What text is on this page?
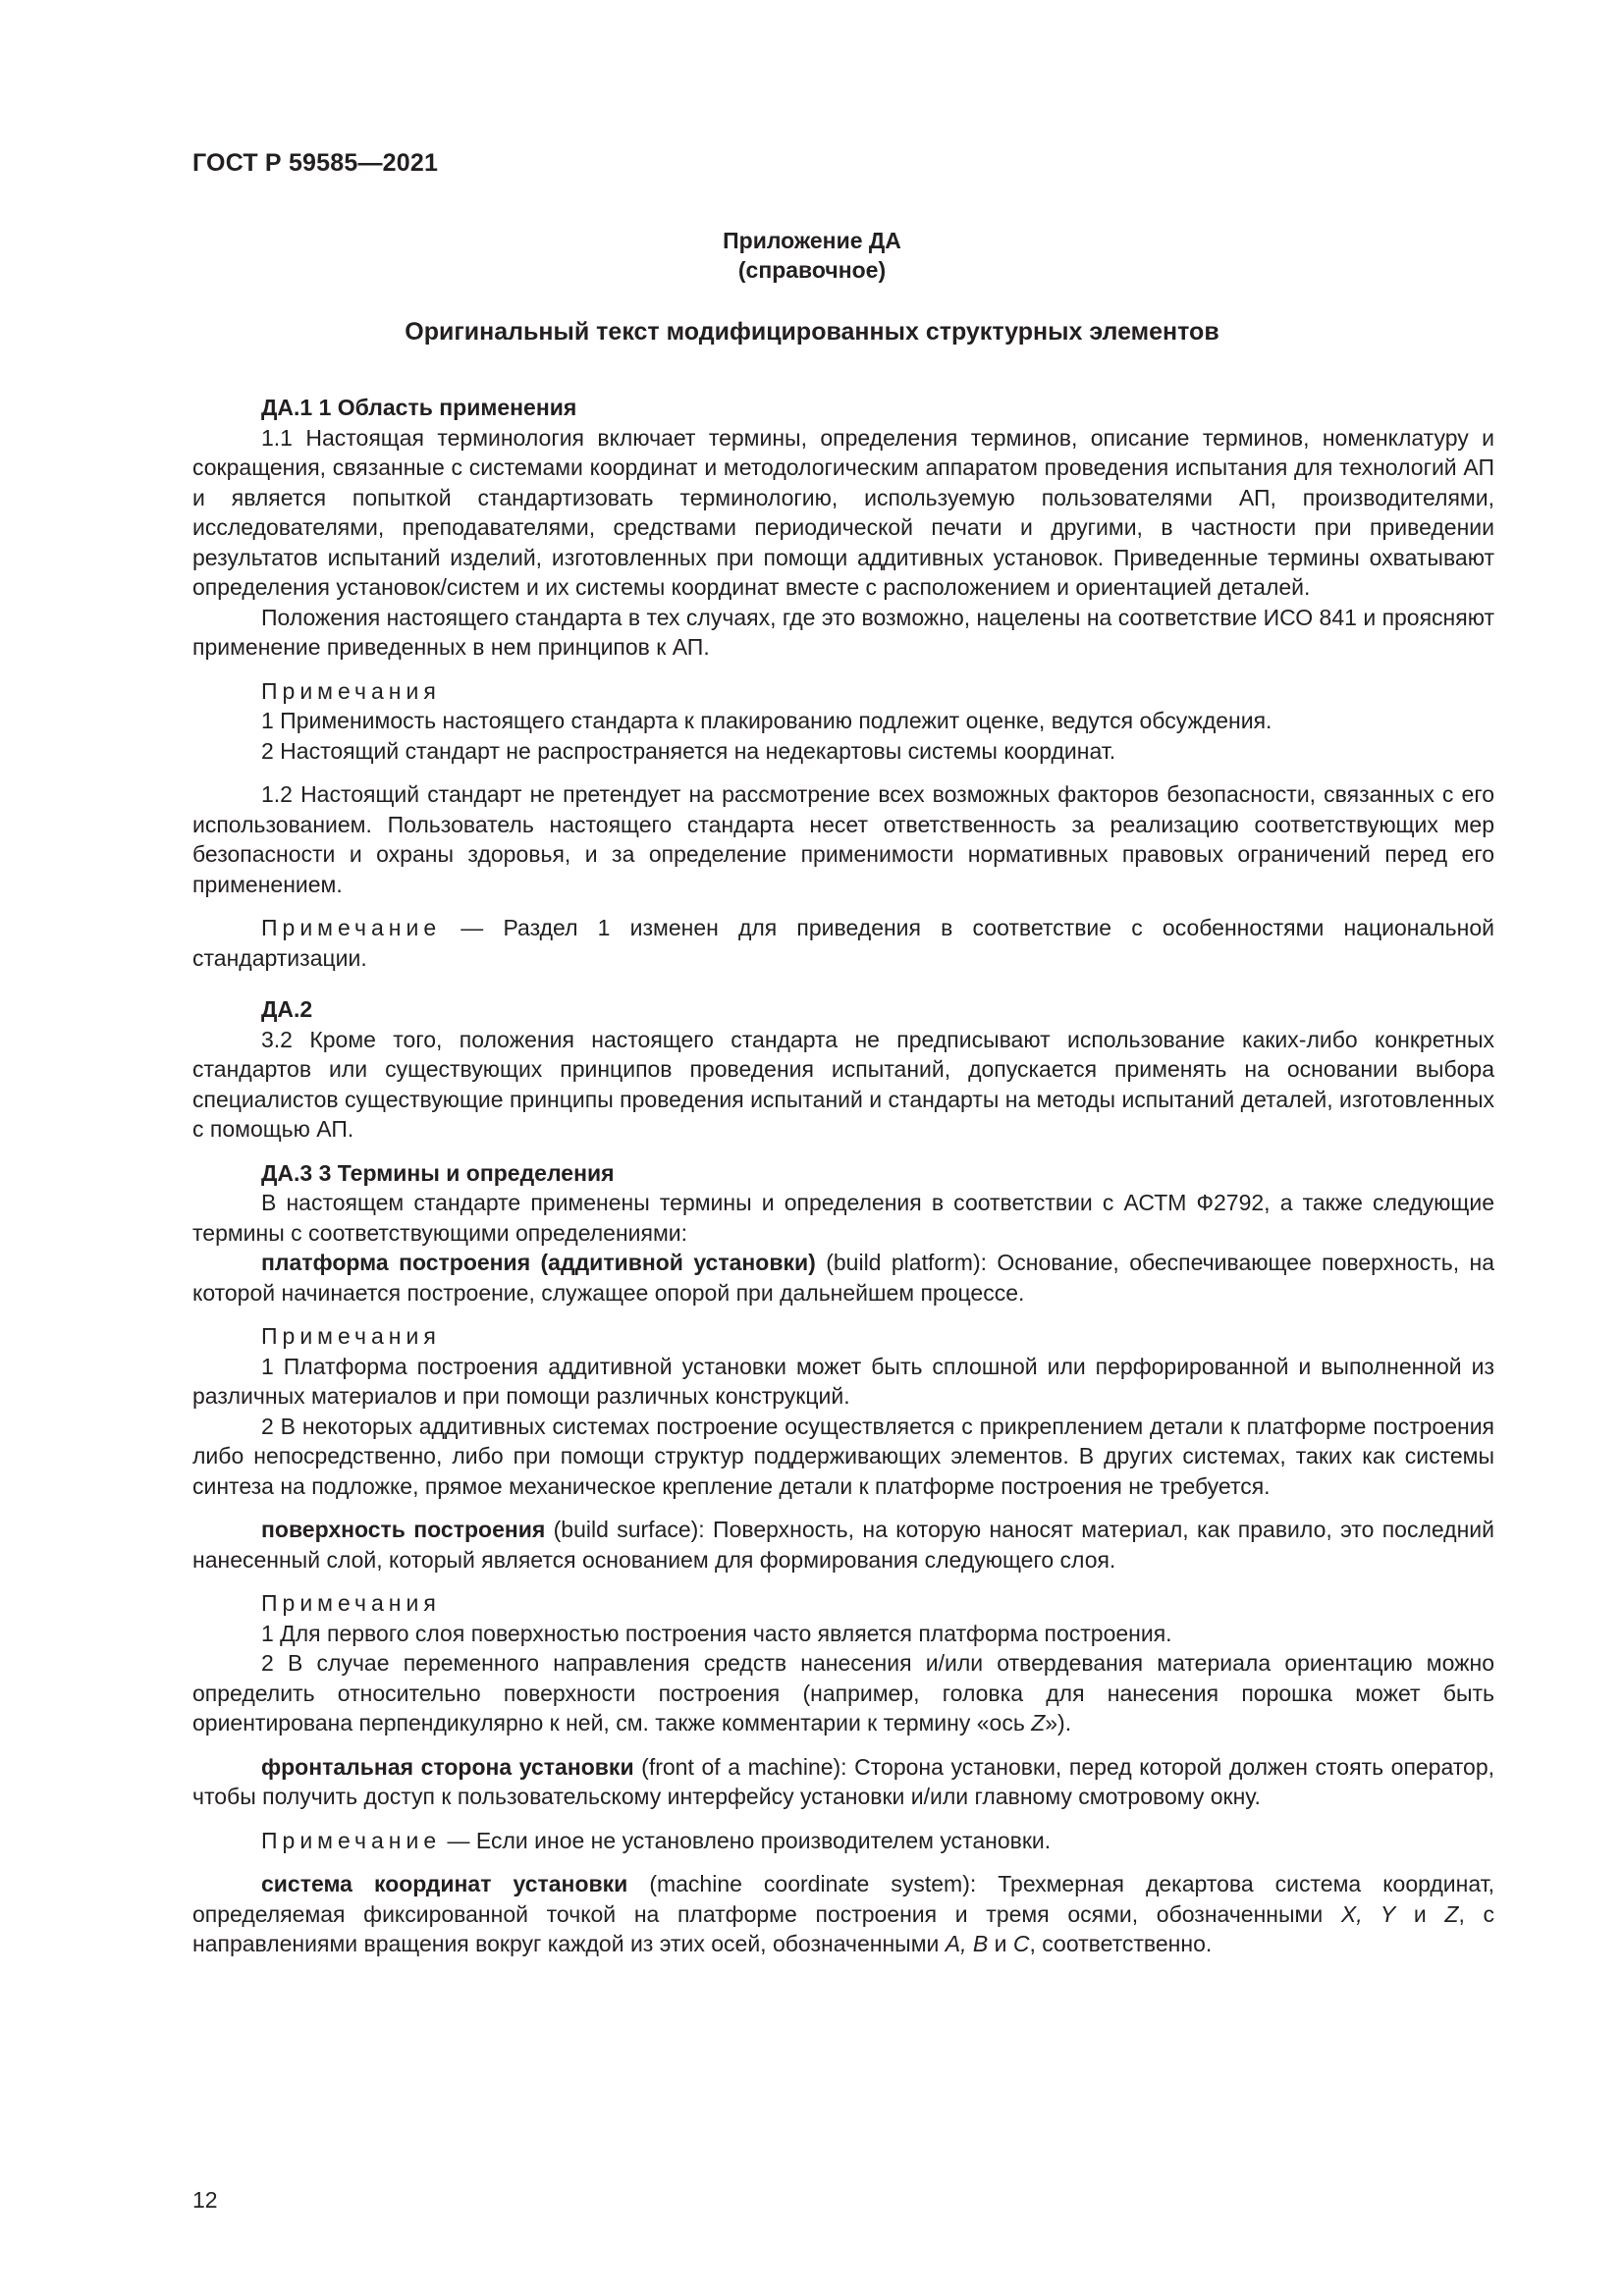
ГОСТ Р 59585—2021
Приложение ДА
(справочное)
Оригинальный текст модифицированных структурных элементов

ДА.1 1 Область применения

1.1 Настоящая терминология включает термины, определения терминов, описание терминов, номенклатуру и сокращения, связанные с системами координат и методологическим аппаратом проведения испытания для технологий АП и является попыткой стандартизовать терминологию, используемую пользователями АП, производителями, исследователями, преподавателями, средствами периодической печати и другими, в частности при приведении результатов испытаний изделий, изготовленных при помощи аддитивных установок. Приведенные термины охватывают определения установок/систем и их системы координат вместе с расположением и ориентацией деталей.

Положения настоящего стандарта в тех случаях, где это возможно, нацелены на соответствие ИСО 841 и проясняют применение приведенных в нем принципов к АП.

Примечания

1 Применимость настоящего стандарта к плакированию подлежит оценке, ведутся обсуждения.

2 Настоящий стандарт не распространяется на недекартовы системы координат.

1.2 Настоящий стандарт не претендует на рассмотрение всех возможных факторов безопасности, связанных с его использованием. Пользователь настоящего стандарта несет ответственность за реализацию соответствующих мер безопасности и охраны здоровья, и за определение применимости нормативных правовых ограничений перед его применением.

Примечание — Раздел 1 изменен для приведения в соответствие с особенностями национальной стандартизации.

ДА.2

3.2 Кроме того, положения настоящего стандарта не предписывают использование каких-либо конкретных стандартов или существующих принципов проведения испытаний, допускается применять на основании выбора специалистов существующие принципы проведения испытаний и стандарты на методы испытаний деталей, изготовленных с помощью АП.

ДА.3 3 Термины и определения

В настоящем стандарте применены термины и определения в соответствии с АСТМ Ф2792, а также следующие термины с соответствующими определениями:

платформа построения (аддитивной установки) (build platform): Основание, обеспечивающее поверхность, на которой начинается построение, служащее опорой при дальнейшем процессе.

Примечания

1 Платформа построения аддитивной установки может быть сплошной или перфорированной и выполненной из различных материалов и при помощи различных конструкций.

2 В некоторых аддитивных системах построение осуществляется с прикреплением детали к платформе построения либо непосредственно, либо при помощи структур поддерживающих элементов. В других системах, таких как системы синтеза на подложке, прямое механическое крепление детали к платформе построения не требуется.

поверхность построения (build surface): Поверхность, на которую наносят материал, как правило, это последний нанесенный слой, который является основанием для формирования следующего слоя.

Примечания

1 Для первого слоя поверхностью построения часто является платформа построения.

2 В случае переменного направления средств нанесения и/или отвердевания материала ориентацию можно определить относительно поверхности построения (например, головка для нанесения порошка может быть ориентирована перпендикулярно к ней, см. также комментарии к термину «ось Z»).

фронтальная сторона установки (front of a machine): Сторона установки, перед которой должен стоять оператор, чтобы получить доступ к пользовательскому интерфейсу установки и/или главному смотровому окну.

Примечание — Если иное не установлено производителем установки.

система координат установки (machine coordinate system): Трехмерная декартова система координат, определяемая фиксированной точкой на платформе построения и тремя осями, обозначенными X, Y и Z, с направлениями вращения вокруг каждой из этих осей, обозначенными A, B и C, соответственно.

12
